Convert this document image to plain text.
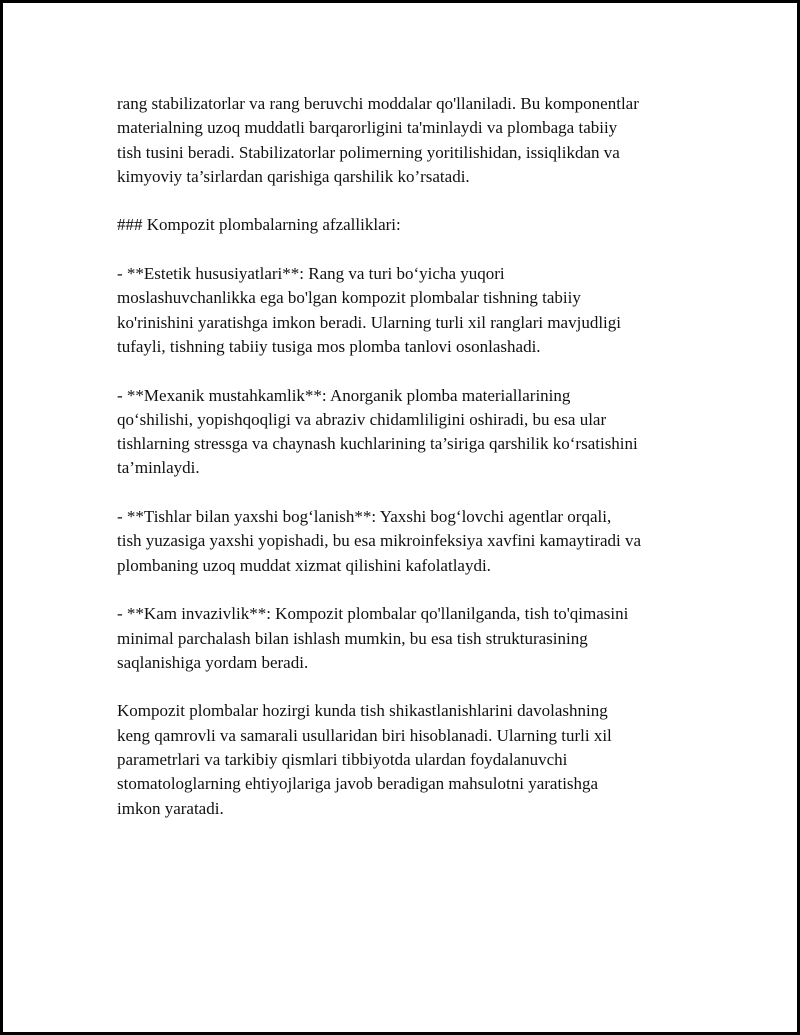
rang stabilizatorlar va rang beruvchi moddalar qo'llaniladi. Bu komponentlar
materialning uzoq muddatli barqarorligini ta'minlaydi va plombaga tabiiy
tish tusini beradi. Stabilizatorlar polimerning yoritilishidan, issiqlikdan va
kimyoviy ta’sirlardan qarishiga qarshilik ko’rsatadi.

### Kompozit plombalarning afzalliklari:

- **Estetik hususiyatlari**: Rang va turi bo‘yicha yuqori
moslashuvchanlikka ega bo'lgan kompozit plombalar tishning tabiiy
ko'rinishini yaratishga imkon beradi. Ularning turli xil ranglari mavjudligi
tufayli, tishning tabiiy tusiga mos plomba tanlovi osonlashadi.

- **Mexanik mustahkamlik**: Anorganik plomba materiallarining
qo‘shilishi, yopishqoqligi va abraziv chidamliligini oshiradi, bu esa ular
tishlarning stressga va chaynash kuchlarining ta’siriga qarshilik ko‘rsatishini
ta’minlaydi.

- **Tishlar bilan yaxshi bog‘lanish**: Yaxshi bog‘lovchi agentlar orqali,
tish yuzasiga yaxshi yopishadi, bu esa mikroinfeksiya xavfini kamaytiradi va
plombaning uzoq muddat xizmat qilishini kafolatlaydi.

- **Kam invazivlik**: Kompozit plombalar qo'llanilganda, tish to'qimasini
minimal parchalash bilan ishlash mumkin, bu esa tish strukturasining
saqlanishiga yordam beradi.

Kompozit plombalar hozirgi kunda tish shikastlanishlarini davolashning
keng qamrovli va samarali usullaridan biri hisoblanadi. Ularning turli xil
parametrlari va tarkibiy qismlari tibbiyotda ulardan foydalanuvchi
stomatologlarning ehtiyojlariga javob beradigan mahsulotni yaratishga
imkon yaratadi.
